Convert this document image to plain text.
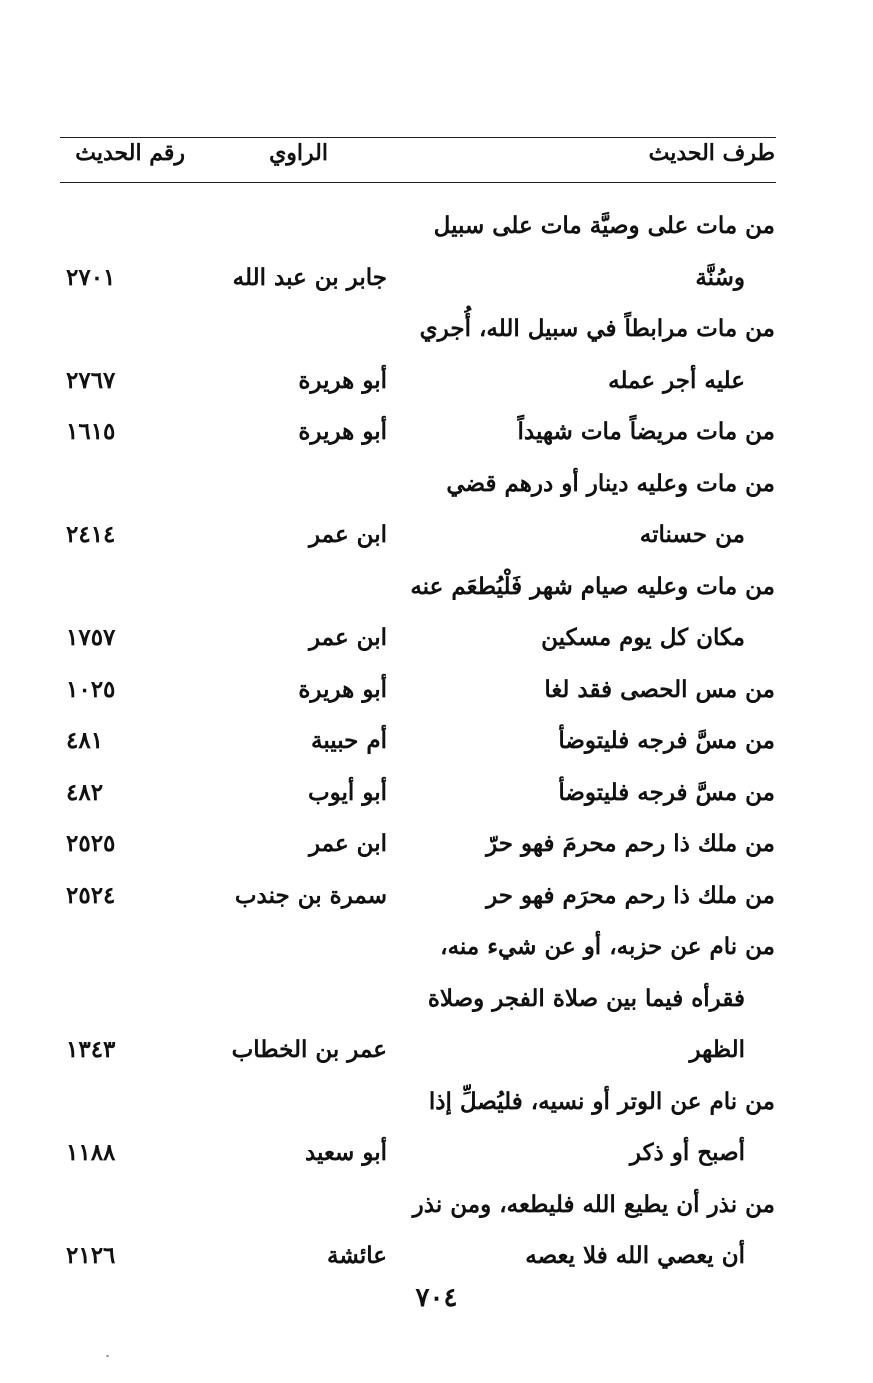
طرف الحديث
الراوي
رقم الحديث
من مات على وصيَّة مات على سبيل
وسُنَّة
جابر بن عبد الله
٢٧٠١
من مات مرابطاً في سبيل الله، أُجري
عليه أجر عمله
أبو هريرة
٢٧٦٧
من مات مريضاً مات شهيداً
أبو هريرة
١٦١٥
من مات وعليه دينار أو درهم قضي
من حسناته
ابن عمر
٢٤١٤
من مات وعليه صيام شهر فَلْيُطعَم عنه
مكان كل يوم مسكين
ابن عمر
١٧٥٧
من مس الحصى فقد لغا
أبو هريرة
١٠٢٥
من مسَّ فرجه فليتوضأ
أم حبيبة
٤٨١
من مسَّ فرجه فليتوضأ
أبو أيوب
٤٨٢
من ملك ذا رحم محرمَ فهو حرّ
ابن عمر
٢٥٢٥
من ملك ذا رحم محرَم فهو حر
سمرة بن جندب
٢٥٢٤
من نام عن حزبه، أو عن شيء منه،
فقرأه فيما بين صلاة الفجر وصلاة
الظهر
عمر بن الخطاب
١٣٤٣
من نام عن الوتر أو نسيه، فليُصلِّ إذا
أصبح أو ذكر
أبو سعيد
١١٨٨
من نذر أن يطيع الله فليطعه، ومن نذر
أن يعصي الله فلا يعصه
عائشة
٢١٢٦
٧٠٤
